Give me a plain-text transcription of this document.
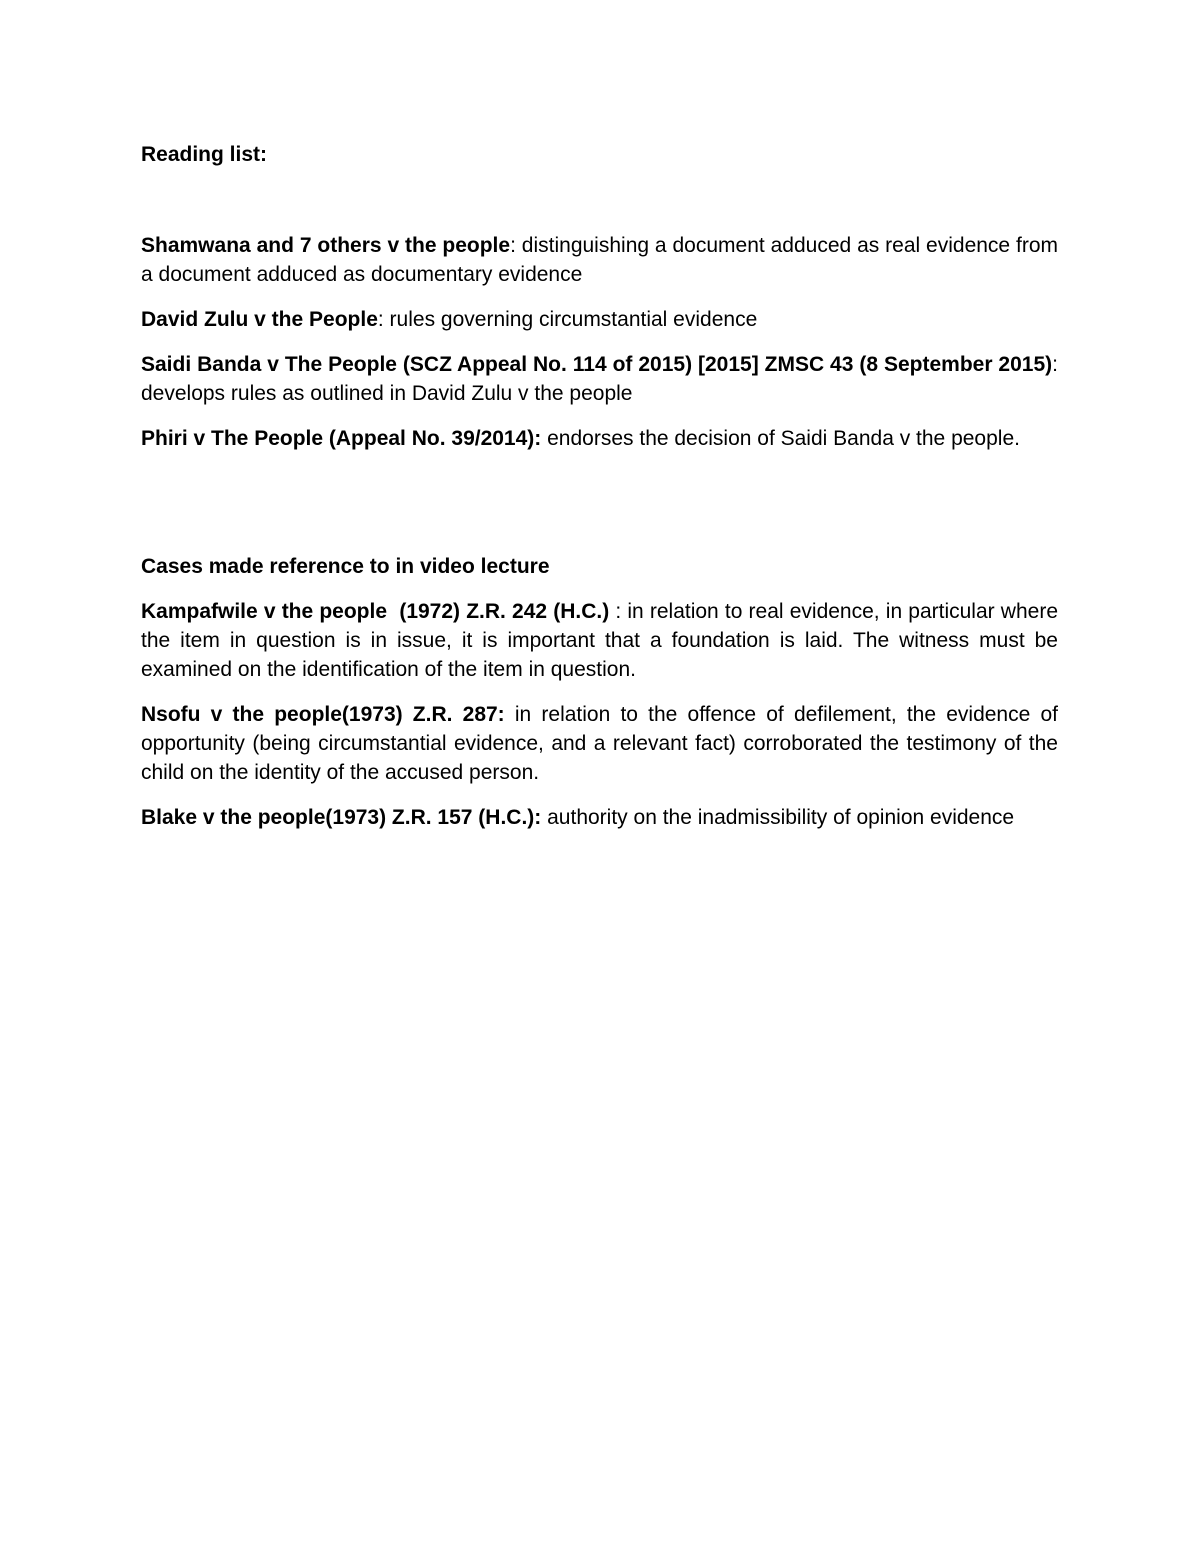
Reading list:

Shamwana and 7 others v the people: distinguishing a document adduced as real evidence from a document adduced as documentary evidence

David Zulu v the People: rules governing circumstantial evidence

Saidi Banda v The People (SCZ Appeal No. 114 of 2015) [2015] ZMSC 43 (8 September 2015): develops rules as outlined in David Zulu v the people

Phiri v The People (Appeal No. 39/2014): endorses the decision of Saidi Banda v the people.

Cases made reference to in video lecture

Kampafwile v the people  (1972) Z.R. 242 (H.C.) : in relation to real evidence, in particular where the item in question is in issue, it is important that a foundation is laid. The witness must be examined on the identification of the item in question.

Nsofu v the people(1973) Z.R. 287: in relation to the offence of defilement, the evidence of opportunity (being circumstantial evidence, and a relevant fact) corroborated the testimony of the child on the identity of the accused person.

Blake v the people(1973) Z.R. 157 (H.C.): authority on the inadmissibility of opinion evidence
